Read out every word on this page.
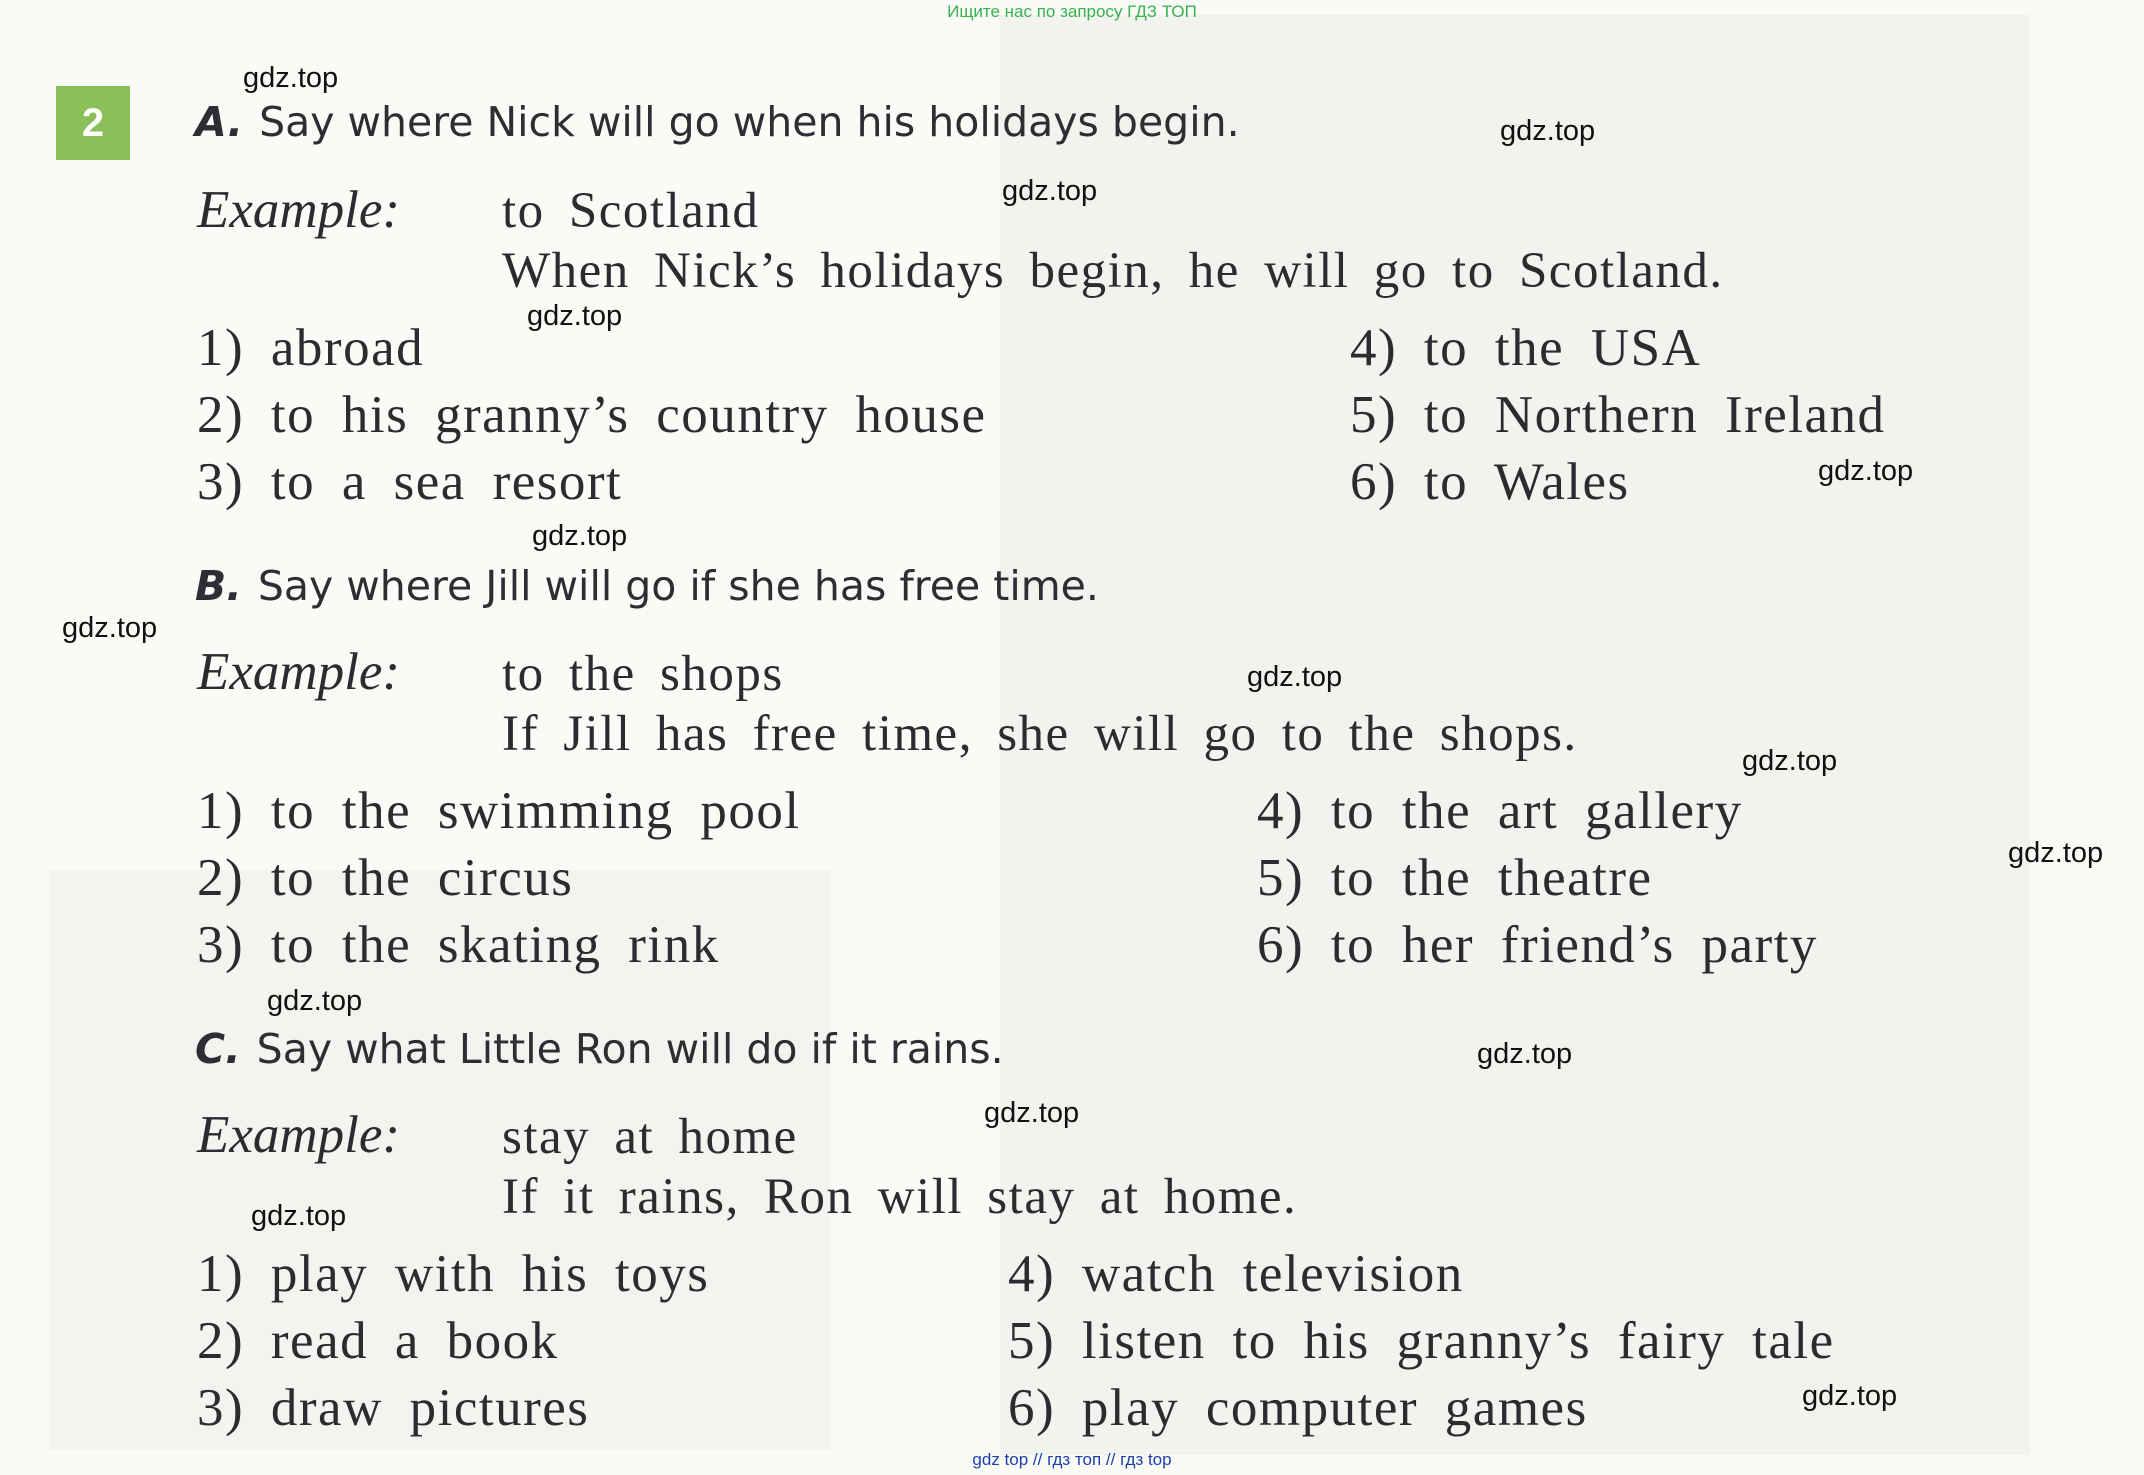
Ищите нас по запросу ГДЗ ТОП
2	A. Say where Nick will go when his holidays begin.
Example: to Scotland
When Nick’s holidays begin, he will go to Scotland.
1) abroad
2) to his granny’s country house
3) to a sea resort
4) to the USA
5) to Northern Ireland
6) to Wales
B. Say where Jill will go if she has free time.
Example: to the shops
If Jill has free time, she will go to the shops.
1) to the swimming pool
2) to the circus
3) to the skating rink
4) to the art gallery
5) to the theatre
6) to her friend’s party
C. Say what Little Ron will do if it rains.
Example: stay at home
If it rains, Ron will stay at home.
1) play with his toys
2) read a book
3) draw pictures
4) watch television
5) listen to his granny’s fairy tale
6) play computer games
gdz.top
gdz.top
gdz.top
gdz.top
gdz.top
gdz.top
gdz.top
gdz.top
gdz.top
gdz.top
gdz.top
gdz.top
gdz.top
gdz.top
gdz.top
gdz top // гдз топ // гдз top
